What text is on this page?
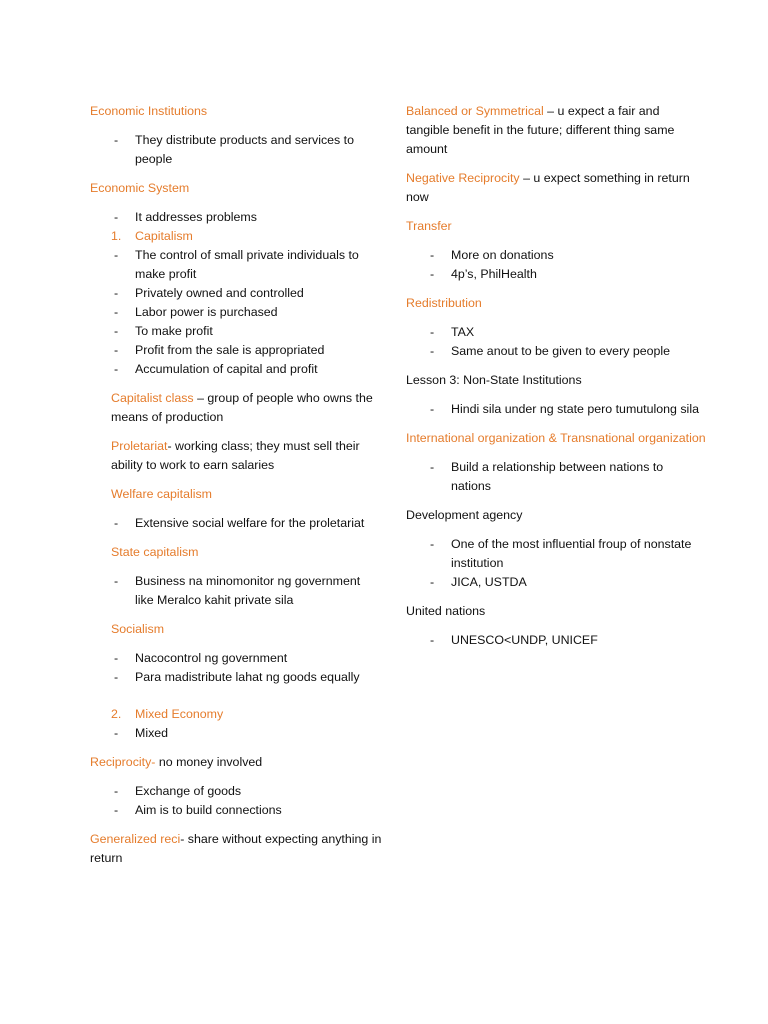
Economic Institutions
- They distribute products and services to people
Economic System
- It addresses problems
1. Capitalism
- The control of small private individuals to make profit
- Privately owned and controlled
- Labor power is purchased
- To make profit
- Profit from the sale is appropriated
- Accumulation of capital and profit
Capitalist class – group of people who owns the means of production
Proletariat- working class; they must sell their ability to work to earn salaries
Welfare capitalism
- Extensive social welfare for the proletariat
State capitalism
- Business na minomonitor ng government like Meralco kahit private sila
Socialism
- Nacocontrol ng government
- Para madistribute lahat ng goods equally
2. Mixed Economy
- Mixed
Reciprocity- no money involved
- Exchange of goods
- Aim is to build connections
Generalized reci- share without expecting anything in return
Balanced or Symmetrical – u expect a fair and tangible benefit in the future; different thing same amount
Negative Reciprocity – u expect something in return now
Transfer
- More on donations
- 4p’s, PhilHealth
Redistribution
- TAX
- Same anout to be given to every people
Lesson 3: Non-State Institutions
- Hindi sila under ng state pero tumutulong sila
International organization & Transnational organization
- Build a relationship between nations to nations
Development agency
- One of the most influential froup of nonstate institution
- JICA, USTDA
United nations
- UNESCO<UNDP, UNICEF
